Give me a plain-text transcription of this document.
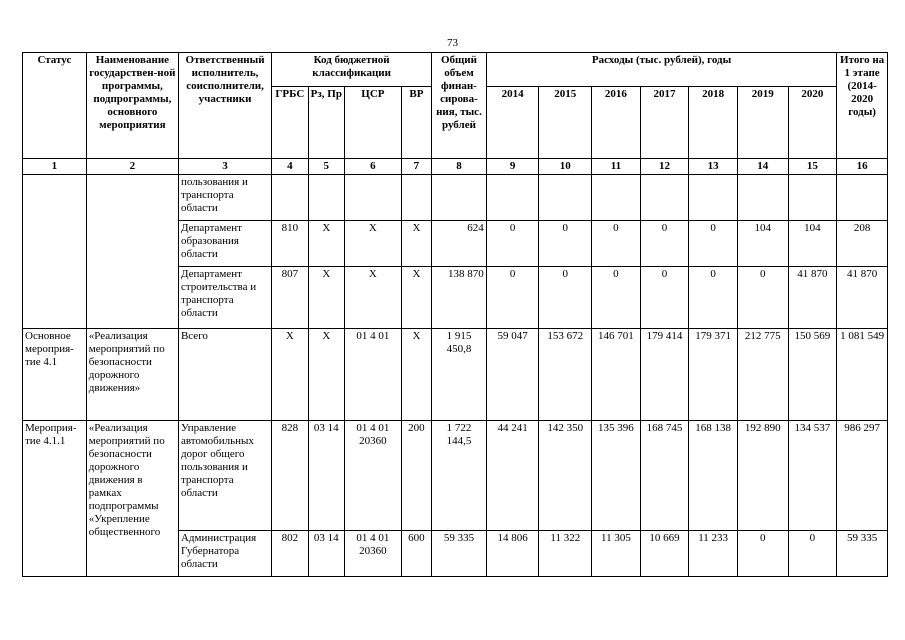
73
Статус	Наименование государствен-ной программы, подпрограммы, основного мероприятия	Ответственный исполнитель, соисполнители, участники	Код бюджетной классификации				Общий объем финан-сирова-ния, тыс. рублей	Расходы (тыс. рублей), годы							Итого на 1 этапе (2014-2020 годы)
			ГРБС	Рз, Пр	ЦСР	ВР		2014	2015	2016	2017	2018	2019	2020	
1	2	3	4	5	6	7	8	9	10	11	12	13	14	15	16
		пользования и транспорта области													
		Департамент образования области	810	Х	Х	Х	624	0	0	0	0	0	104	104	208
		Департамент строительства и транспорта области	807	Х	Х	Х	138 870	0	0	0	0	0	0	41 870	41 870
Основное мероприя-тие 4.1	«Реализация мероприятий по безопасности дорожного движения»	Всего	Х	Х	01 4 01	Х	1 915 450,8	59 047	153 672	146 701	179 414	179 371	212 775	150 569	1 081 549
Мероприя-тие 4.1.1	«Реализация мероприятий по безопасности дорожного движения в рамках подпрограммы «Укрепление общественного	Управление автомобильных дорог общего пользования и транспорта области	828	03 14	01 4 01 20360	200	1 722 144,5	44 241	142 350	135 396	168 745	168 138	192 890	134 537	986 297
		Администрация Губернатора области	802	03 14	01 4 01 20360	600	59 335	14 806	11 322	11 305	10 669	11 233	0	0	59 335
